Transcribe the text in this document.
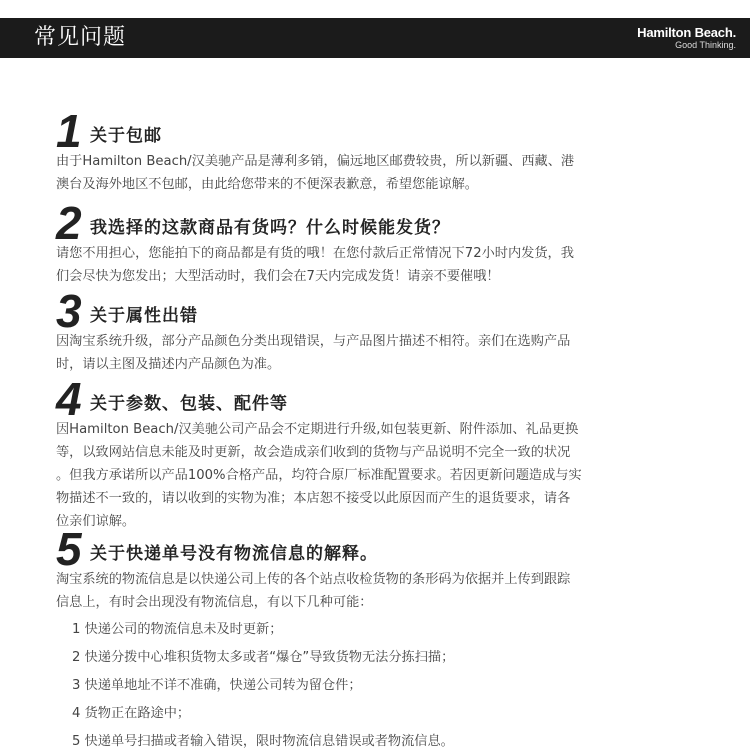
常见问题	Hamilton Beach.
Good Thinking.
1 关于包邮
由于Hamilton Beach/汉美驰产品是薄利多销，偏远地区邮费较贵，所以新疆、西藏、港
澳台及海外地区不包邮，由此给您带来的不便深表歉意，希望您能谅解。
2 我选择的这款商品有货吗？什么时候能发货？
请您不用担心，您能拍下的商品都是有货的哦！在您付款后正常情况下72小时内发货，我
们会尽快为您发出；大型活动时，我们会在7天内完成发货！请亲不要催哦！
3 关于属性出错
因淘宝系统升级，部分产品颜色分类出现错误，与产品图片描述不相符。亲们在选购产品
时，请以主图及描述内产品颜色为准。
4 关于参数、包装、配件等
因Hamilton Beach/汉美驰公司产品会不定期进行升级,如包装更新、附件添加、礼品更换
等，以致网站信息未能及时更新，故会造成亲们收到的货物与产品说明不完全一致的状况
。但我方承诺所以产品100%合格产品，均符合原厂标准配置要求。若因更新问题造成与实
物描述不一致的，请以收到的实物为准；本店恕不接受以此原因而产生的退货要求，请各
位亲们谅解。
5 关于快递单号没有物流信息的解释。
淘宝系统的物流信息是以快递公司上传的各个站点收检货物的条形码为依据并上传到跟踪
信息上，有时会出现没有物流信息，有以下几种可能：
1 快递公司的物流信息未及时更新；
2 快递分拨中心堆积货物太多或者“爆仓”导致货物无法分拣扫描；
3 快递单地址不详不准确，快递公司转为留仓件；
4 货物正在路途中；
5 快递单号扫描或者输入错误，限时物流信息错误或者物流信息。
